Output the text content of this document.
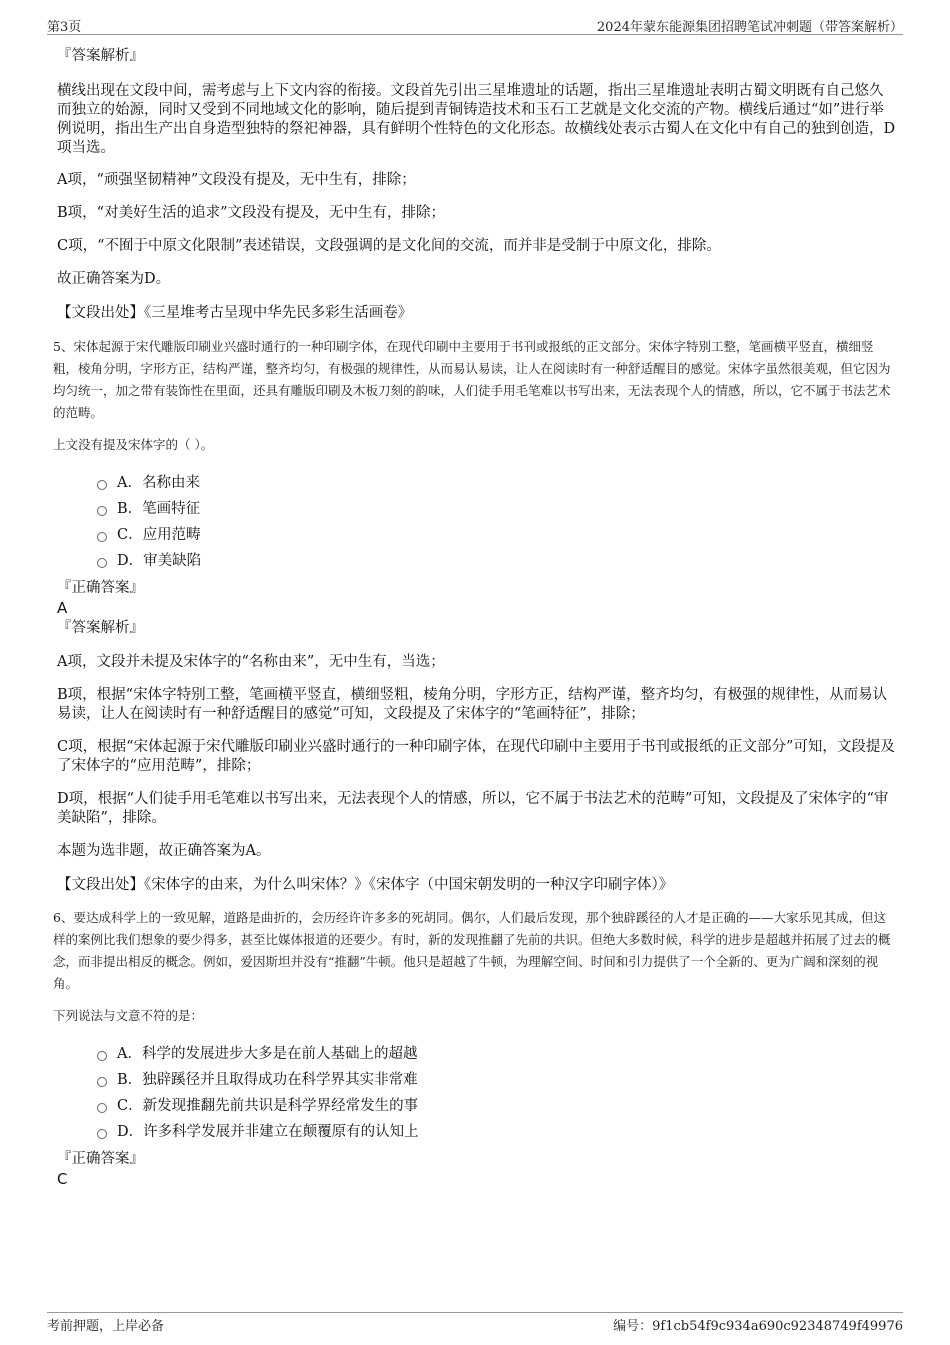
第3页	2024年蒙东能源集团招聘笔试冲刺题（带答案解析）
『答案解析』

横线出现在文段中间，需考虑与上下文内容的衔接。文段首先引出三星堆遗址的话题，指出三星堆遗址表明古蜀文明既有自己悠久而独立的始源，同时又受到不同地域文化的影响，随后提到青铜铸造技术和玉石工艺就是文化交流的产物。横线后通过“如”进行举例说明，指出生产出自身造型独特的祭祀神器，具有鲜明个性特色的文化形态。故横线处表示古蜀人在文化中有自己的独到创造，D项当选。

A项，“顽强坚韧精神”文段没有提及，无中生有，排除；

B项，“对美好生活的追求”文段没有提及，无中生有，排除；

C项，“不囿于中原文化限制”表述错误，文段强调的是文化间的交流，而并非是受制于中原文化，排除。

故正确答案为D。

【文段出处】《三星堆考古呈现中华先民多彩生活画卷》

5、宋体起源于宋代雕版印刷业兴盛时通行的一种印刷字体，在现代印刷中主要用于书刊或报纸的正文部分。宋体字特别工整，笔画横平竖直，横细竖粗，棱角分明，字形方正，结构严谨，整齐均匀，有极强的规律性，从而易认易读，让人在阅读时有一种舒适醒目的感觉。宋体字虽然很美观，但它因为均匀统一，加之带有装饰性在里面，还具有雕版印刷及木板刀刻的韵味，人们徒手用毛笔难以书写出来，无法表现个人的情感，所以，它不属于书法艺术的范畴。

上文没有提及宋体字的（ ）。

A．名称由来
B．笔画特征
C．应用范畴
D．审美缺陷
『正确答案』
A
『答案解析』

A项，文段并未提及宋体字的“名称由来”，无中生有，当选；

B项，根据“宋体字特别工整，笔画横平竖直，横细竖粗，棱角分明，字形方正，结构严谨，整齐均匀，有极强的规律性，从而易认易读，让人在阅读时有一种舒适醒目的感觉”可知，文段提及了宋体字的“笔画特征”，排除；

C项，根据“宋体起源于宋代雕版印刷业兴盛时通行的一种印刷字体，在现代印刷中主要用于书刊或报纸的正文部分”可知，文段提及了宋体字的“应用范畴”，排除；

D项，根据“人们徒手用毛笔难以书写出来，无法表现个人的情感，所以，它不属于书法艺术的范畴”可知，文段提及了宋体字的“审美缺陷”，排除。

本题为选非题，故正确答案为A。

【文段出处】《宋体字的由来，为什么叫宋体？》《宋体字（中国宋朝发明的一种汉字印刷字体）》

6、要达成科学上的一致见解，道路是曲折的，会历经许许多多的死胡同。偶尔，人们最后发现，那个独辟蹊径的人才是正确的——大家乐见其成，但这样的案例比我们想象的要少得多，甚至比媒体报道的还要少。有时，新的发现推翻了先前的共识。但绝大多数时候，科学的进步是超越并拓展了过去的概念，而非提出相反的概念。例如，爱因斯坦并没有“推翻”牛顿。他只是超越了牛顿，为理解空间、时间和引力提供了一个全新的、更为广阔和深刻的视角。

下列说法与文意不符的是：

A．科学的发展进步大多是在前人基础上的超越
B．独辟蹊径并且取得成功在科学界其实非常难
C．新发现推翻先前共识是科学界经常发生的事
D．许多科学发展并非建立在颠覆原有的认知上
『正确答案』
C
考前押题，上岸必备	编号：9f1cb54f9c934a690c92348749f49976
